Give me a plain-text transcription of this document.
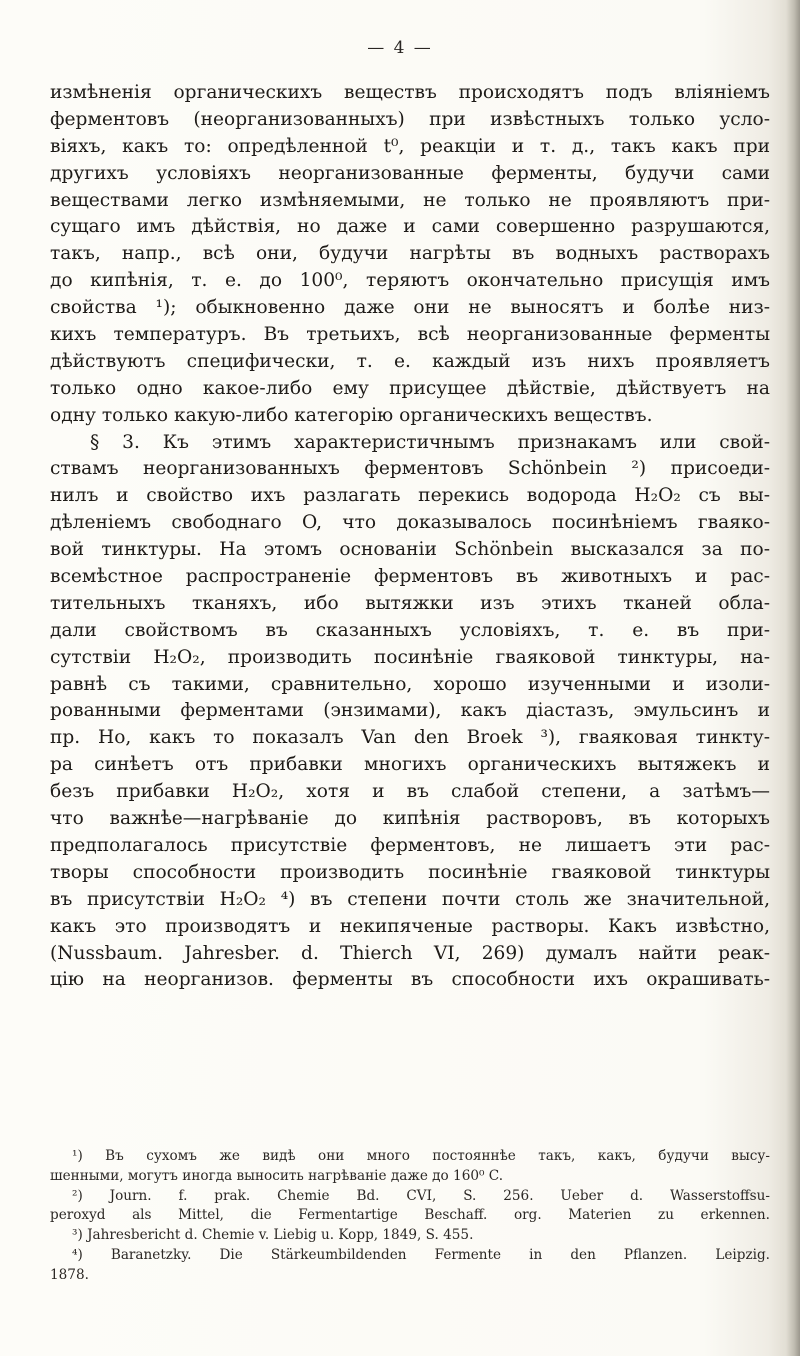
— 4 —
измѣненія органическихъ веществъ происходятъ подъ вліяніемъ
ферментовъ (неорганизованныхъ) при извѣстныхъ только усло-
віяхъ, какъ то: опредѣленной t⁰, реакціи и т. д., такъ какъ при
другихъ условіяхъ неорганизованные ферменты, будучи сами
веществами легко измѣняемыми, не только не проявляютъ при-
сущаго имъ дѣйствія, но даже и сами совершенно разрушаются,
такъ, напр., всѣ они, будучи нагрѣты въ водныхъ растворахъ
до кипѣнія, т. е. до 100⁰, теряютъ окончательно присущія имъ
свойства ¹); обыкновенно даже они не выносятъ и болѣе низ-
кихъ температуръ. Въ третьихъ, всѣ неорганизованные ферменты
дѣйствуютъ специфически, т. е. каждый изъ нихъ проявляетъ
только одно какое-либо ему присущее дѣйствіе, дѣйствуетъ на
одну только какую-либо категорію органическихъ веществъ.
§ 3. Къ этимъ характеристичнымъ признакамъ или свой-
ствамъ неорганизованныхъ ферментовъ Schönbein ²) присоеди-
нилъ и свойство ихъ разлагать перекись водорода H₂O₂ съ вы-
дѣленіемъ свободнаго O, что доказывалось посинѣніемъ гваяко-
вой тинктуры. На этомъ основаніи Schönbein высказался за по-
всемѣстное распространеніе ферментовъ въ животныхъ и рас-
тительныхъ тканяхъ, ибо вытяжки изъ этихъ тканей обла-
дали свойствомъ въ сказанныхъ условіяхъ, т. е. въ при-
сутствіи H₂O₂, производить посинѣніе гваяковой тинктуры, на-
равнѣ съ такими, сравнительно, хорошо изученными и изоли-
рованными ферментами (энзимами), какъ діастазъ, эмульсинъ и
пр. Но, какъ то показалъ Van den Broek ³), гваяковая тинкту-
ра синѣетъ отъ прибавки многихъ органическихъ вытяжекъ и
безъ прибавки H₂O₂, хотя и въ слабой степени, а затѣмъ—
что важнѣе—нагрѣваніе до кипѣнія растворовъ, въ которыхъ
предполагалось присутствіе ферментовъ, не лишаетъ эти рас-
творы способности производить посинѣніе гваяковой тинктуры
въ присутствіи H₂O₂ ⁴) въ степени почти столь же значительной,
какъ это производятъ и некипяченые растворы. Какъ извѣстно,
(Nussbaum. Jahresber. d. Thierch VI, 269) думалъ найти реак-
цію на неорганизов. ферменты въ способности ихъ окрашивать-
¹) Въ сухомъ же видѣ они много постояннѣе такъ, какъ, будучи высу-
шенными, могутъ иногда выносить нагрѣваніе даже до 160⁰ C.
²) Journ. f. prak. Chemie Bd. CVI, S. 256. Ueber d. Wasserstoffsu-
peroxyd als Mittel, die Fermentartige Beschaff. org. Materien zu erkennen.
³) Jahresbericht d. Chemie v. Liebig u. Kopp, 1849, S. 455.
⁴) Baranetzky. Die Stärkeumbildenden Fermente in den Pflanzen. Leipzig.
1878.
